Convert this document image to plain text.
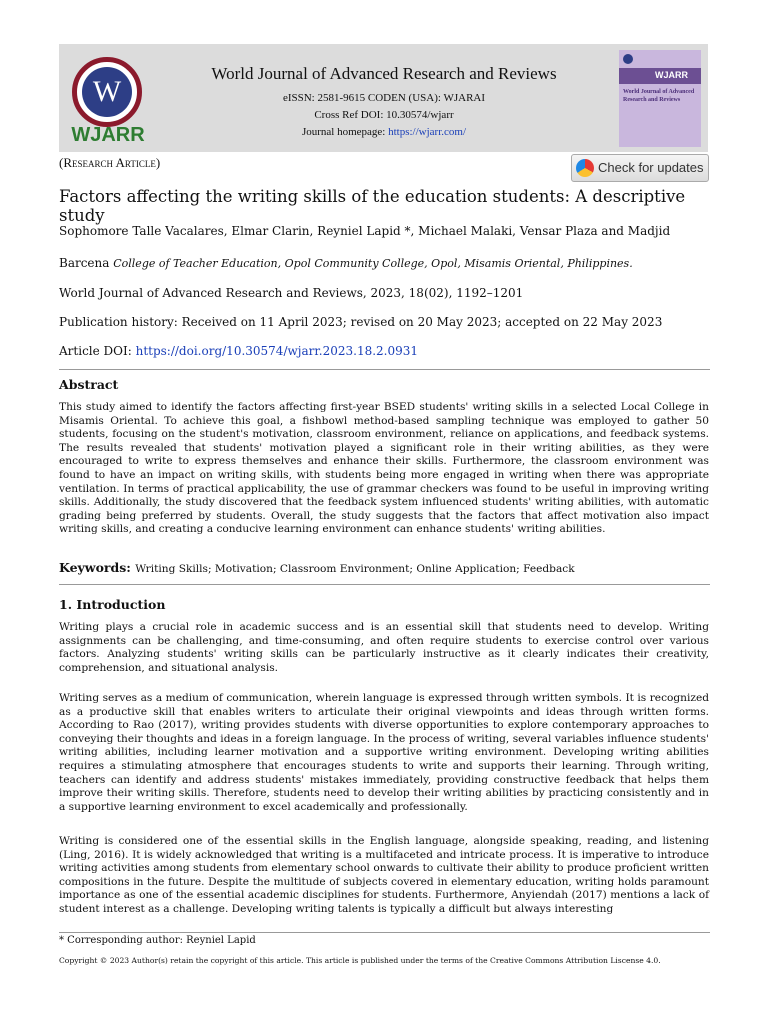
W
WJARR
World Journal of Advanced Research and Reviews
eISSN: 2581-9615 CODEN (USA): WJARAI
Cross Ref DOI: 10.30574/wjarr
Journal homepage: https://wjarr.com/
WJARR
World Journal of Advanced Research and Reviews
(Research Article)	Check for updates
Factors affecting the writing skills of the education students: A descriptive study
Sophomore Talle Vacalares, Elmar Clarin, Reyniel Lapid *, Michael Malaki, Vensar Plaza and Madjid
Barcena College of Teacher Education, Opol Community College, Opol, Misamis Oriental, Philippines.
World Journal of Advanced Research and Reviews, 2023, 18(02), 1192–1201
Publication history: Received on 11 April 2023; revised on 20 May 2023; accepted on 22 May 2023
Article DOI: https://doi.org/10.30574/wjarr.2023.18.2.0931
Abstract
This study aimed to identify the factors affecting first-year BSED students' writing skills in a selected Local College in Misamis Oriental. To achieve this goal, a fishbowl method-based sampling technique was employed to gather 50 students, focusing on the student's motivation, classroom environment, reliance on applications, and feedback systems. The results revealed that students' motivation played a significant role in their writing abilities, as they were encouraged to write to express themselves and enhance their skills. Furthermore, the classroom environment was found to have an impact on writing skills, with students being more engaged in writing when there was appropriate ventilation. In terms of practical applicability, the use of grammar checkers was found to be useful in improving writing skills. Additionally, the study discovered that the feedback system influenced students' writing abilities, with automatic grading being preferred by students. Overall, the study suggests that the factors that affect motivation also impact writing skills, and creating a conducive learning environment can enhance students' writing abilities.
Keywords: Writing Skills; Motivation; Classroom Environment; Online Application; Feedback
1. Introduction
Writing plays a crucial role in academic success and is an essential skill that students need to develop. Writing assignments can be challenging, and time-consuming, and often require students to exercise control over various factors. Analyzing students' writing skills can be particularly instructive as it clearly indicates their creativity, comprehension, and situational analysis.
Writing serves as a medium of communication, wherein language is expressed through written symbols. It is recognized as a productive skill that enables writers to articulate their original viewpoints and ideas through written forms. According to Rao (2017), writing provides students with diverse opportunities to explore contemporary approaches to conveying their thoughts and ideas in a foreign language. In the process of writing, several variables influence students' writing abilities, including learner motivation and a supportive writing environment. Developing writing abilities requires a stimulating atmosphere that encourages students to write and supports their learning. Through writing, teachers can identify and address students' mistakes immediately, providing constructive feedback that helps them improve their writing skills. Therefore, students need to develop their writing abilities by practicing consistently and in a supportive learning environment to excel academically and professionally.
Writing is considered one of the essential skills in the English language, alongside speaking, reading, and listening (Ling, 2016). It is widely acknowledged that writing is a multifaceted and intricate process. It is imperative to introduce writing activities among students from elementary school onwards to cultivate their ability to produce proficient written compositions in the future. Despite the multitude of subjects covered in elementary education, writing holds paramount importance as one of the essential academic disciplines for students. Furthermore, Anyiendah (2017) mentions a lack of student interest as a challenge. Developing writing talents is typically a difficult but always interesting
* Corresponding author: Reyniel Lapid
Copyright © 2023 Author(s) retain the copyright of this article. This article is published under the terms of the Creative Commons Attribution Liscense 4.0.
